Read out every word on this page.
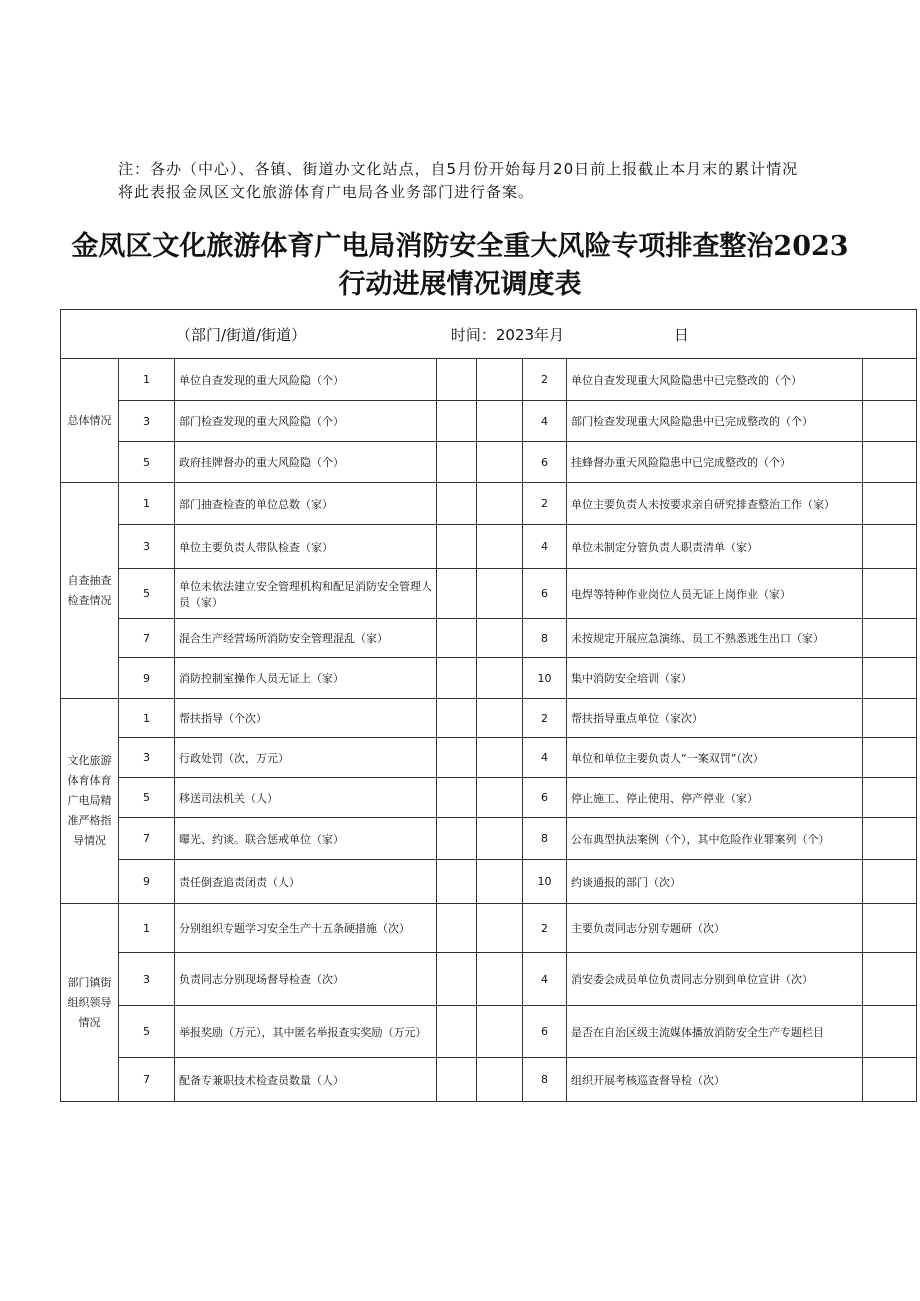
注：各办（中心）、各镇、街道办文化站点，自5月份开始每月20日前上报截止本月末的累计情况

将此表报金凤区文化旅游体育广电局各业务部门进行备案。

金凤区文化旅游体育广电局消防安全重大风险专项排查整治2023

行动进展情况调度表

（部门/街道/街道） 时间：2023年月 日							
总体情况	1	单位自查发现的重大风险隐（个）			2	单位自查发现重大风险隐患中已完整改的（个）	
	3	部门检查发现的重大风险隐（个）			4	部门检查发现重大风险隐患中已完成整改的（个）	
	5	政府挂牌督办的重大风险隐（个）			6	挂蜂督办重天风险隐患中已完成整改的（个）	
自查抽查检查情况	1	部门抽查检查的单位总数（家）			2	单位主要负责人未按要求亲自研究排查整治工作（家）	
	3	单位主要负责人带队检查（家）			4	单位未制定分管负责人职责清单（家）	
	5	单位未依法建立安全管理机构和配足消防安全管理人员（家）			6	电焊等特种作业岗位人员无证上岗作业（家）	
	7	混合生产经营场所消防安全管理混乱（家）			8	未按规定开展应急演练、员工不熟悉逃生出口（家）	
	9	消防控制室操作人员无证上（家）			10	集中消防安全培训（家）	
文化旅游体育体育广电局精准严格指导情况	1	帮扶指导（个次）			2	帮扶指导重点单位（家次）	
	3	行政处罚（次，万元）			4	单位和单位主要负责人“一案双罚”（次）	
	5	移送司法机关（人）			6	停止施工、停止使用、停产停业（家）	
	7	曝光、约谈。联合惩戒单位（家）			8	公布典型执法案例（个），其中危险作业罪案列（个）	
	9	责任倒查追责闭责（人）			10	约谈通报的部门（次）	
部门镇街组织领导情况	1	分别组织专题学习安全生产十五条硬措施（次）			2	主要负责同志分别专题研（次）	
	3	负责同志分别现场督导检查（次）			4	消安委会成员单位负责同志分别到单位宣讲（次）	
	5	举报奖励（万元），其中匿名举报查实奖励（万元）			6	是否在自治区级主流媒体播放消防安全生产专题栏目	
	7	配备专兼职技术检查员数量（人）			8	组织开展考核巡查督导检（次）	
